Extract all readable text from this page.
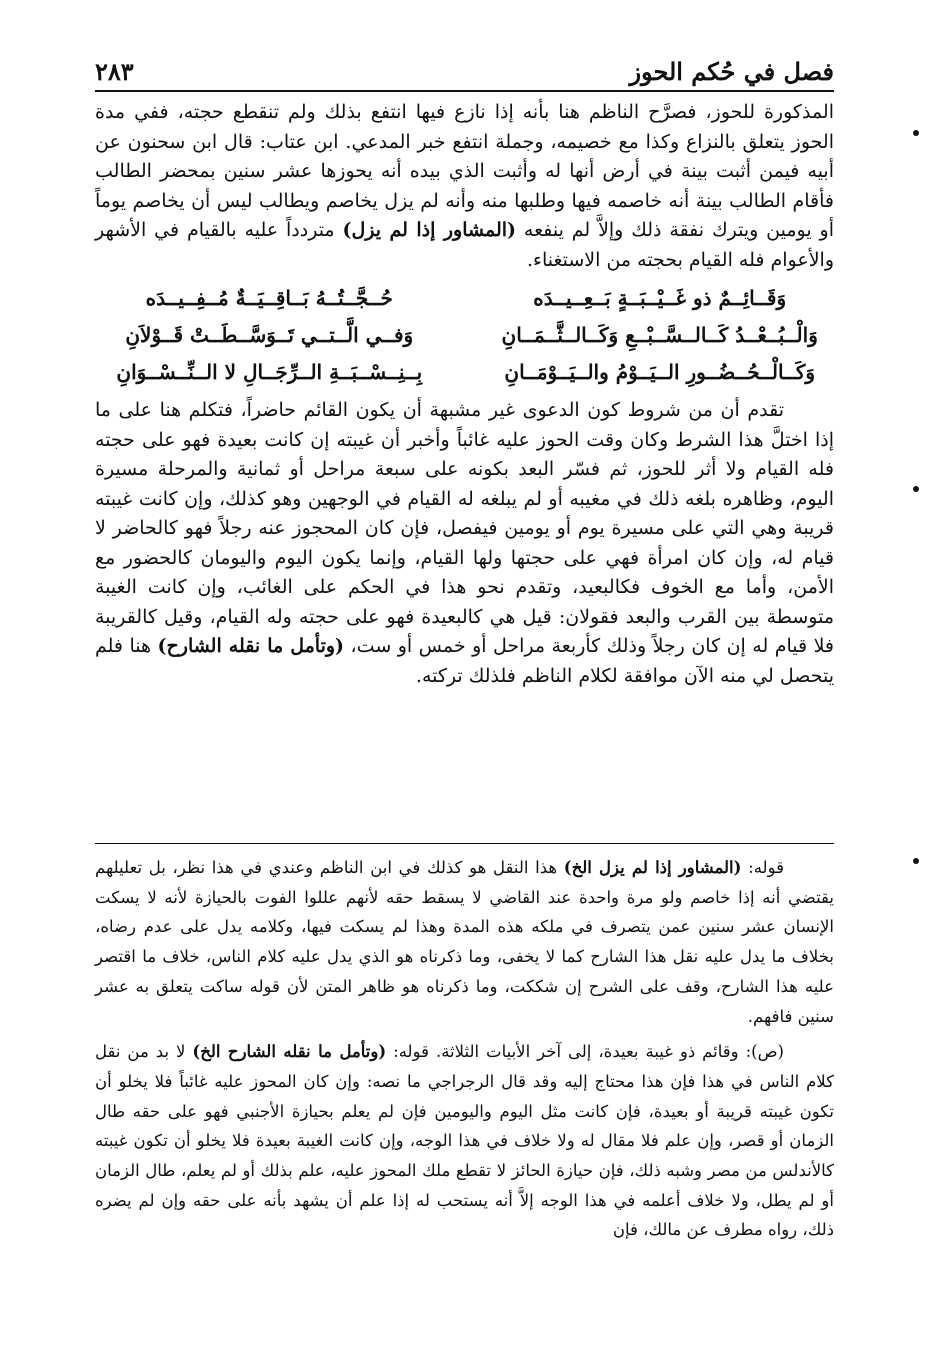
فصل في حُكم الحوز
٢٨٣

المذكورة للحوز، فصرَّح الناظم هنا بأنه إذا نازع فيها انتفع بذلك ولم تنقطع حجته، ففي مدة الحوز يتعلق بالنزاع وكذا مع خصيمه، وجملة انتفع خبر المدعي. ابن عتاب: قال ابن سحنون عن أبيه فيمن أثبت بينة في أرض أنها له وأثبت الذي بيده أنه يحوزها عشر سنين بمحضر الطالب فأقام الطالب بينة أنه خاصمه فيها وطلبها منه وأنه لم يزل يخاصم ويطالب ليس أن يخاصم يوماً أو يومين ويترك نفقة ذلك وإلاَّ لم ينفعه (المشاور إذا لم يزل) متردداً عليه بالقيام في الأشهر والأعوام فله القيام بحجته من الاستغناء.

وَقَــائِــمٌ ذو غَــيْــبَــةٍ بَــعِــيــدَه
حُــجَّــتُــهُ بَــاقِــيَــةٌ مُــفِــيــدَه
وَالْــبُــعْــدُ كَــالــسَّــبْــعِ وَكَــالــثَّــمَــانِ
وَفــي الَّــتــي تَــوَسَّــطَــتْ قَــوْلاَنِ
وَكَــالْــحُــضُــورِ الــيَــوْمُ والــيَــوْمَــانِ
بِــنِــسْــبَــةِ الــرِّجَــالِ لا الــنِّــسْــوَانِ

تقدم أن من شروط كون الدعوى غير مشبهة أن يكون القائم حاضراً، فتكلم هنا على ما إذا اختلَّ هذا الشرط وكان وقت الحوز عليه غائباً وأخبر أن غيبته إن كانت بعيدة فهو على حجته فله القيام ولا أثر للحوز، ثم فسّر البعد بكونه على سبعة مراحل أو ثمانية والمرحلة مسيرة اليوم، وظاهره بلغه ذلك في مغيبه أو لم يبلغه له القيام في الوجهين وهو كذلك، وإن كانت غيبته قريبة وهي التي على مسيرة يوم أو يومين فيفصل، فإن كان المحجوز عنه رجلاً فهو كالحاضر لا قيام له، وإن كان امرأة فهي على حجتها ولها القيام، وإنما يكون اليوم واليومان كالحضور مع الأمن، وأما مع الخوف فكالبعيد، وتقدم نحو هذا في الحكم على الغائب، وإن كانت الغيبة متوسطة بين القرب والبعد فقولان: قيل هي كالبعيدة فهو على حجته وله القيام، وقيل كالقريبة فلا قيام له إن كان رجلاً وذلك كأربعة مراحل أو خمس أو ست، (وتأمل ما نقله الشارح) هنا فلم يتحصل لي منه الآن موافقة لكلام الناظم فلذلك تركته.

قوله: (المشاور إذا لم يزل الخ) هذا النقل هو كذلك في ابن الناظم وعندي في هذا نظر، بل تعليلهم يقتضي أنه إذا خاصم ولو مرة واحدة عند القاضي لا يسقط حقه لأنهم عللوا الفوت بالحيازة لأنه لا يسكت الإنسان عشر سنين عمن يتصرف في ملكه هذه المدة وهذا لم يسكت فيها، وكلامه يدل على عدم رضاه، بخلاف ما يدل عليه نقل هذا الشارح كما لا يخفى، وما ذكرناه هو الذي يدل عليه كلام الناس، خلاف ما اقتصر عليه هذا الشارح، وقف على الشرح إن شككت، وما ذكرناه هو ظاهر المتن لأن قوله ساكت يتعلق به عشر سنين فافهم.

(ص): وقائم ذو غيبة بعيدة، إلى آخر الأبيات الثلاثة. قوله: (وتأمل ما نقله الشارح الخ) لا بد من نقل كلام الناس في هذا فإن هذا محتاج إليه وقد قال الرجراجي ما نصه: وإن كان المحوز عليه غائباً فلا يخلو أن تكون غيبته قريبة أو بعيدة، فإن كانت مثل اليوم واليومين فإن لم يعلم بحيازة الأجنبي فهو على حقه طال الزمان أو قصر، وإن علم فلا مقال له ولا خلاف في هذا الوجه، وإن كانت الغيبة بعيدة فلا يخلو أن تكون غيبته كالأندلس من مصر وشبه ذلك، فإن حيازة الحائز لا تقطع ملك المحوز عليه، علم بذلك أو لم يعلم، طال الزمان أو لم يطل، ولا خلاف أعلمه في هذا الوجه إلاَّ أنه يستحب له إذا علم أن يشهد بأنه على حقه وإن لم يضره ذلك، رواه مطرف عن مالك، فإن
